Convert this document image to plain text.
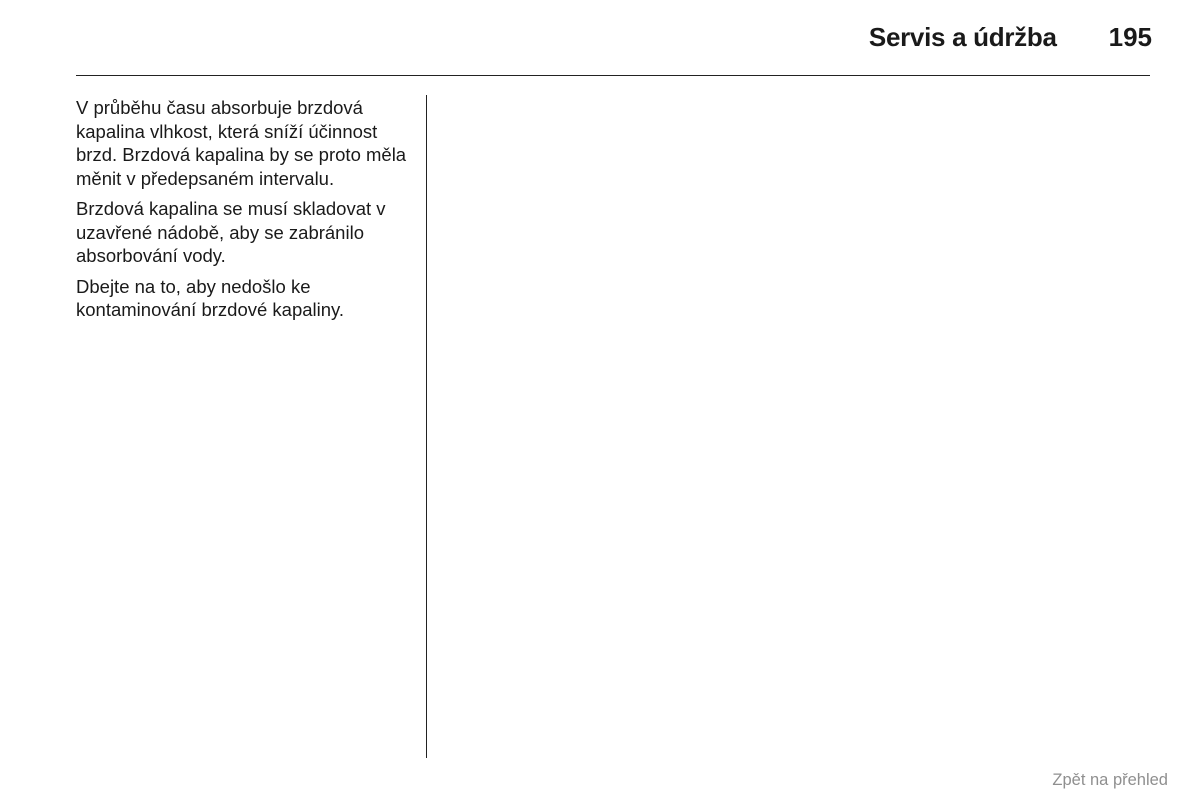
Servis a údržba 195

V průběhu času absorbuje brzdová kapalina vlhkost, která sníží účinnost brzd. Brzdová kapalina by se proto měla měnit v předepsaném intervalu.

Brzdová kapalina se musí skladovat v uzavřené nádobě, aby se zabránilo absorbování vody.

Dbejte na to, aby nedošlo ke kontaminování brzdové kapaliny.

Zpět na přehled
